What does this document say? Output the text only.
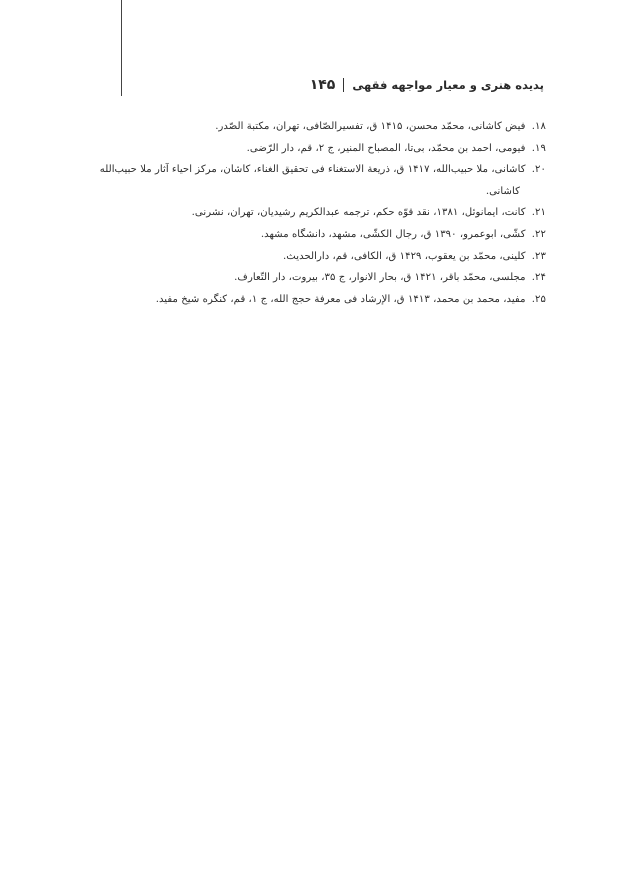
پدیده هنری و معیار مواجهه فقهی
۱۴۵
۱۸. فیض کاشانی، محمّد محسن، ۱۴۱۵ ق، تفسیرالصّافی، تهران، مکتبة الصّدر.
۱۹. فیومی، احمد بن محمّد، بی‌تا، المصباح المنیر، ج ۲، قم، دار الرّضی.
۲۰. کاشانی، ملا حبیب‌الله، ۱۴۱۷ ق، ذریعة الاستغناء فی تحقیق الغناء، کاشان، مرکز احیاء آثار ملا حبیب‌الله
کاشانی.
۲۱. کانت، ایمانوئل، ۱۳۸۱، نقد قوّه حکم، ترجمه عبدالکریم رشیدیان، تهران، نشرنی.
۲۲. کشّی، ابوعمرو، ۱۳۹۰ ق، رجال الکشّی، مشهد، دانشگاه مشهد.
۲۳. کلینی، محمّد بن یعقوب، ۱۴۲۹ ق، الکافی، قم، دارالحدیث.
۲۴. مجلسی، محمّد باقر، ۱۴۲۱ ق، بحار الانوار، ج ۳۵، بیروت، دار التّعارف.
۲۵. مفید، محمد بن محمد، ۱۴۱۳ ق، الإرشاد فی معرفة حجج الله، ج ۱، قم، کنگره شیخ مفید.
